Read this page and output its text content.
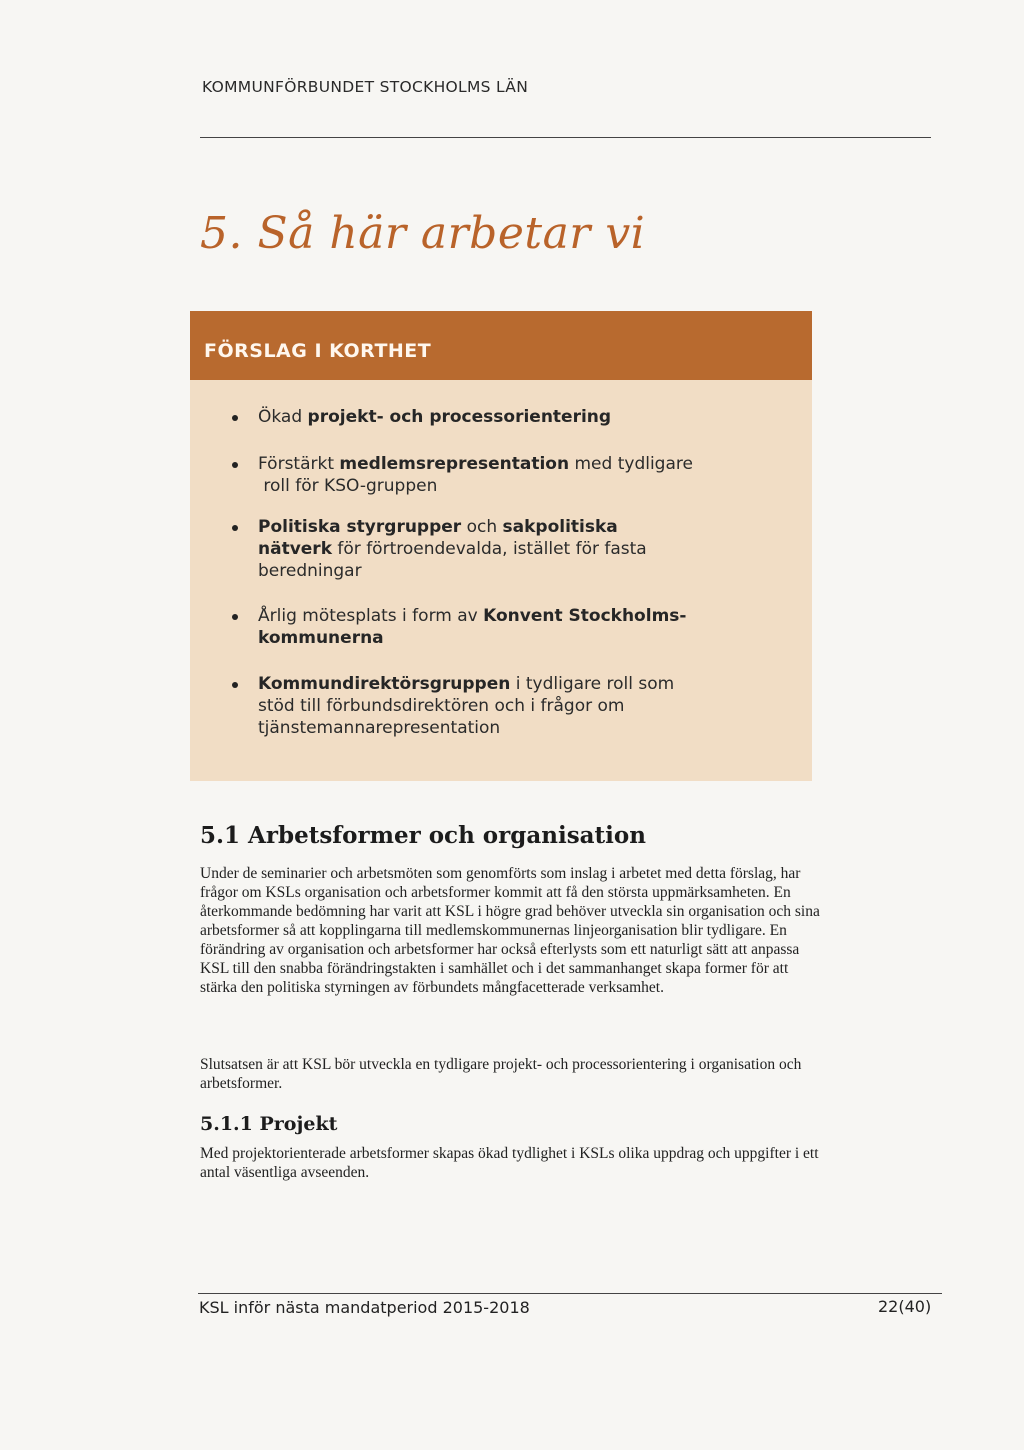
KOMMUNFÖRBUNDET STOCKHOLMS LÄN
5. Så här arbetar vi
FÖRSLAG I KORTHET
Ökad projekt- och processorientering
Förstärkt medlemsrepresentation med tydligare
roll för KSO-gruppen
Politiska styrgrupper och sakpolitiska
nätverk för förtroendevalda, istället för fasta
beredningar
Årlig mötesplats i form av Konvent Stockholms-
kommunerna
Kommundirektörsgruppen i tydligare roll som
stöd till förbundsdirektören och i frågor om
tjänstemannarepresentation
5.1 Arbetsformer och organisation
Under de seminarier och arbetsmöten som genomförts som inslag i arbetet med detta förslag, har frågor om KSLs organisation och arbetsformer kommit att få den största uppmärksamheten. En återkommande bedömning har varit att KSL i högre grad behöver utveckla sin organisation och sina arbetsformer så att kopplingarna till medlemskommunernas linjeorganisation blir tydligare. En förändring av organisation och arbetsformer har också efterlysts som ett naturligt sätt att anpassa KSL till den snabba förändringstakten i samhället och i det sammanhanget skapa former för att stärka den politiska styrningen av förbundets mångfacetterade verksamhet.
Slutsatsen är att KSL bör utveckla en tydligare projekt- och processorientering i organisation och arbetsformer.
5.1.1 Projekt
Med projektorienterade arbetsformer skapas ökad tydlighet i KSLs olika uppdrag och uppgifter i ett antal väsentliga avseenden.
KSL inför nästa mandatperiod 2015-2018	22(40)
